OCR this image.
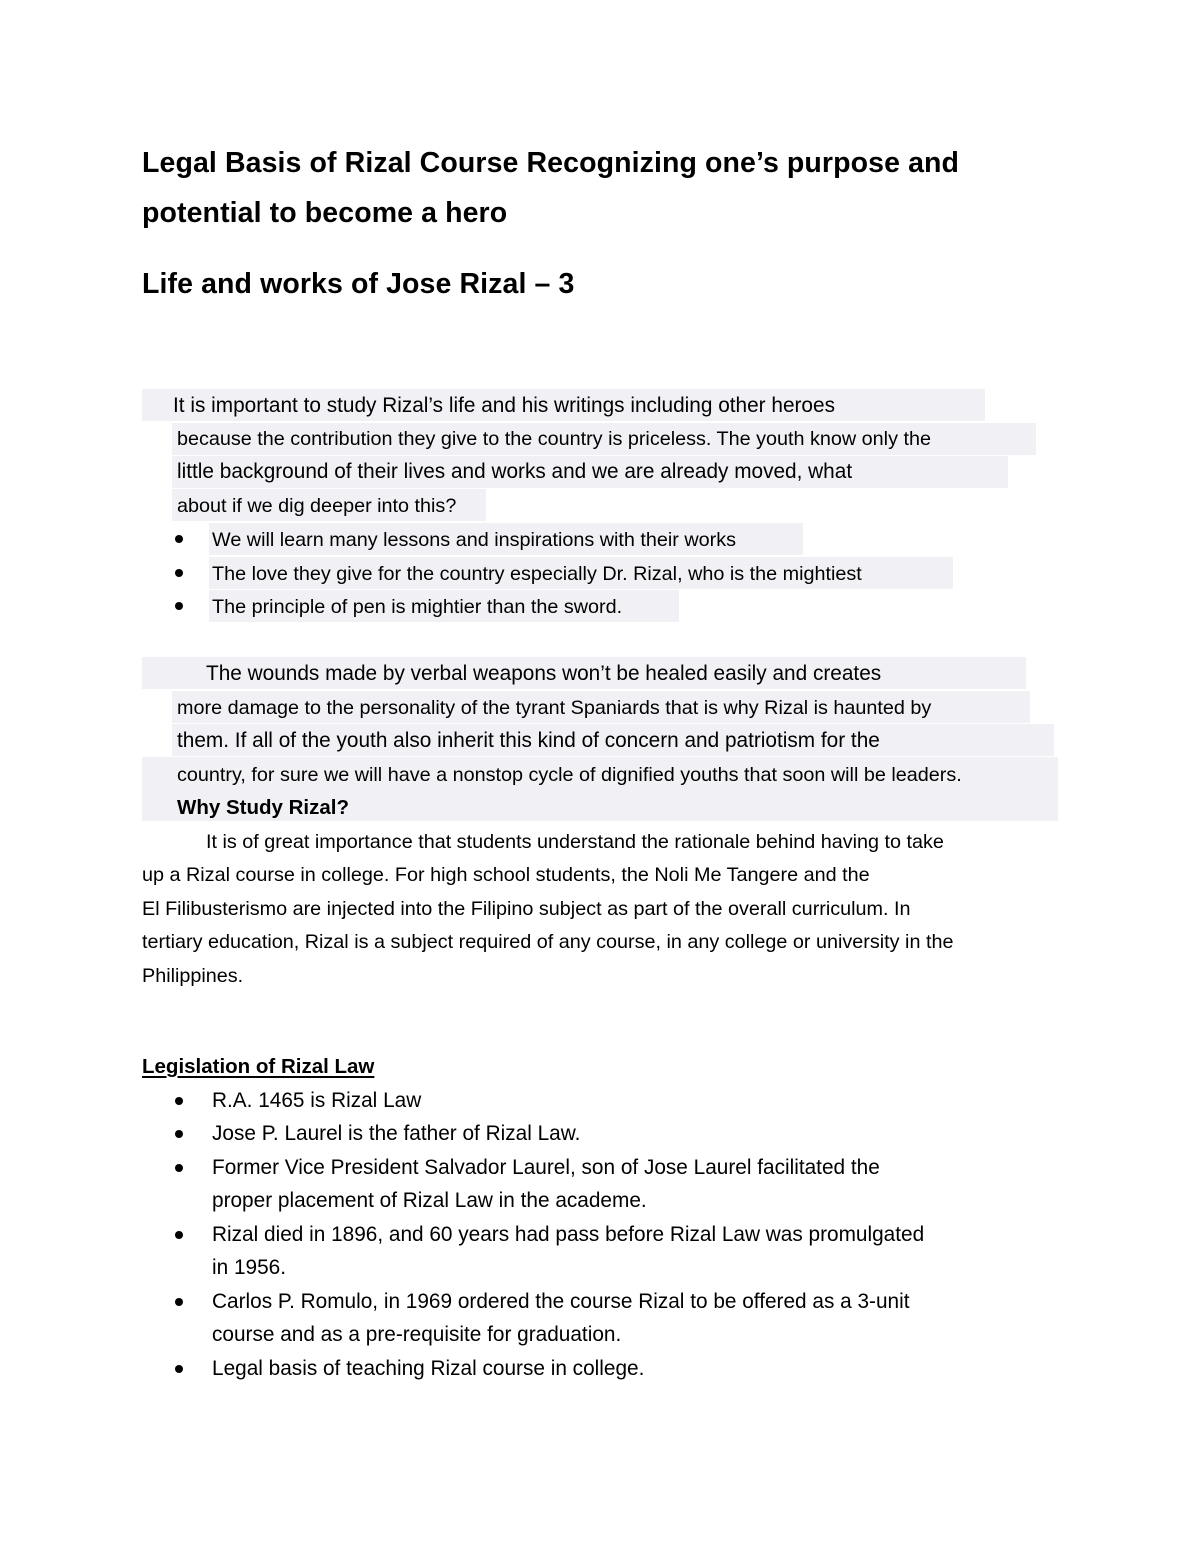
Legal Basis of Rizal Course Recognizing one’s purpose and
potential to become a hero
Life and works of Jose Rizal – 3
It is important to study Rizal’s life and his writings including other heroes
because the contribution they give to the country is priceless. The youth know only the
little background of their lives and works and we are already moved, what
about if we dig deeper into this?
We will learn many lessons and inspirations with their works
The love they give for the country especially Dr. Rizal, who is the mightiest
The principle of pen is mightier than the sword.
The wounds made by verbal weapons won’t be healed easily and creates
more damage to the personality of the tyrant Spaniards that is why Rizal is haunted by
them. If all of the youth also inherit this kind of concern and patriotism for the
country, for sure we will have a nonstop cycle of dignified youths that soon will be leaders.
Why Study Rizal?
It is of great importance that students understand the rationale behind having to take
up a Rizal course in college. For high school students, the Noli Me Tangere and the
El Filibusterismo are injected into the Filipino subject as part of the overall curriculum. In
tertiary education, Rizal is a subject required of any course, in any college or university in the
Philippines.
Legislation of Rizal Law
R.A. 1465 is Rizal Law
Jose P. Laurel is the father of Rizal Law.
Former Vice President Salvador Laurel, son of Jose Laurel facilitated the
proper placement of Rizal Law in the academe.
Rizal died in 1896, and 60 years had pass before Rizal Law was promulgated
in 1956.
Carlos P. Romulo, in 1969 ordered the course Rizal to be offered as a 3-unit
course and as a pre-requisite for graduation.
Legal basis of teaching Rizal course in college.
